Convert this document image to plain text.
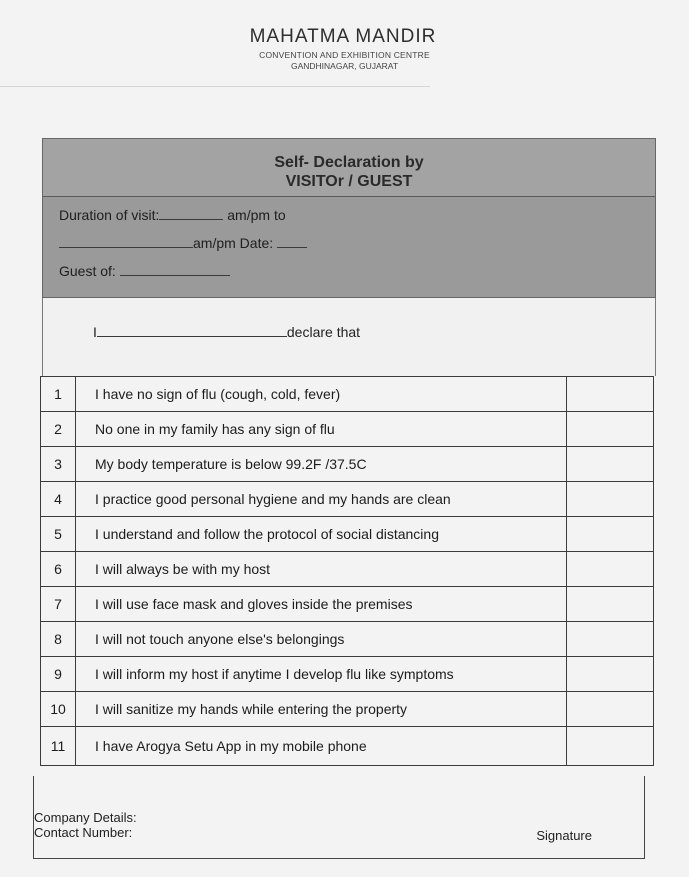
MAHATMA MANDIR
CONVENTION AND EXHIBITION CENTRE
GANDHINAGAR, GUJARAT
Self- Declaration by
VISITOr / GUEST
Duration of visit:	am/pm to
am/pm Date:
Guest of:
I	declare that
1	I have no sign of flu (cough, cold, fever)	
2	No one in my family has any sign of flu	
3	My body temperature is below 99.2F /37.5C	
4	I practice good personal hygiene and my hands are clean	
5	I understand and follow the protocol of social distancing	
6	I will always be with my host	
7	I will use face mask and gloves inside the premises	
8	I will not touch anyone else's belongings	
9	I will inform my host if anytime I develop flu like symptoms	
10	I will sanitize my hands while entering the property	
11	I have Arogya Setu App in my mobile phone	
Company Details:
Contact Number:	Signature
